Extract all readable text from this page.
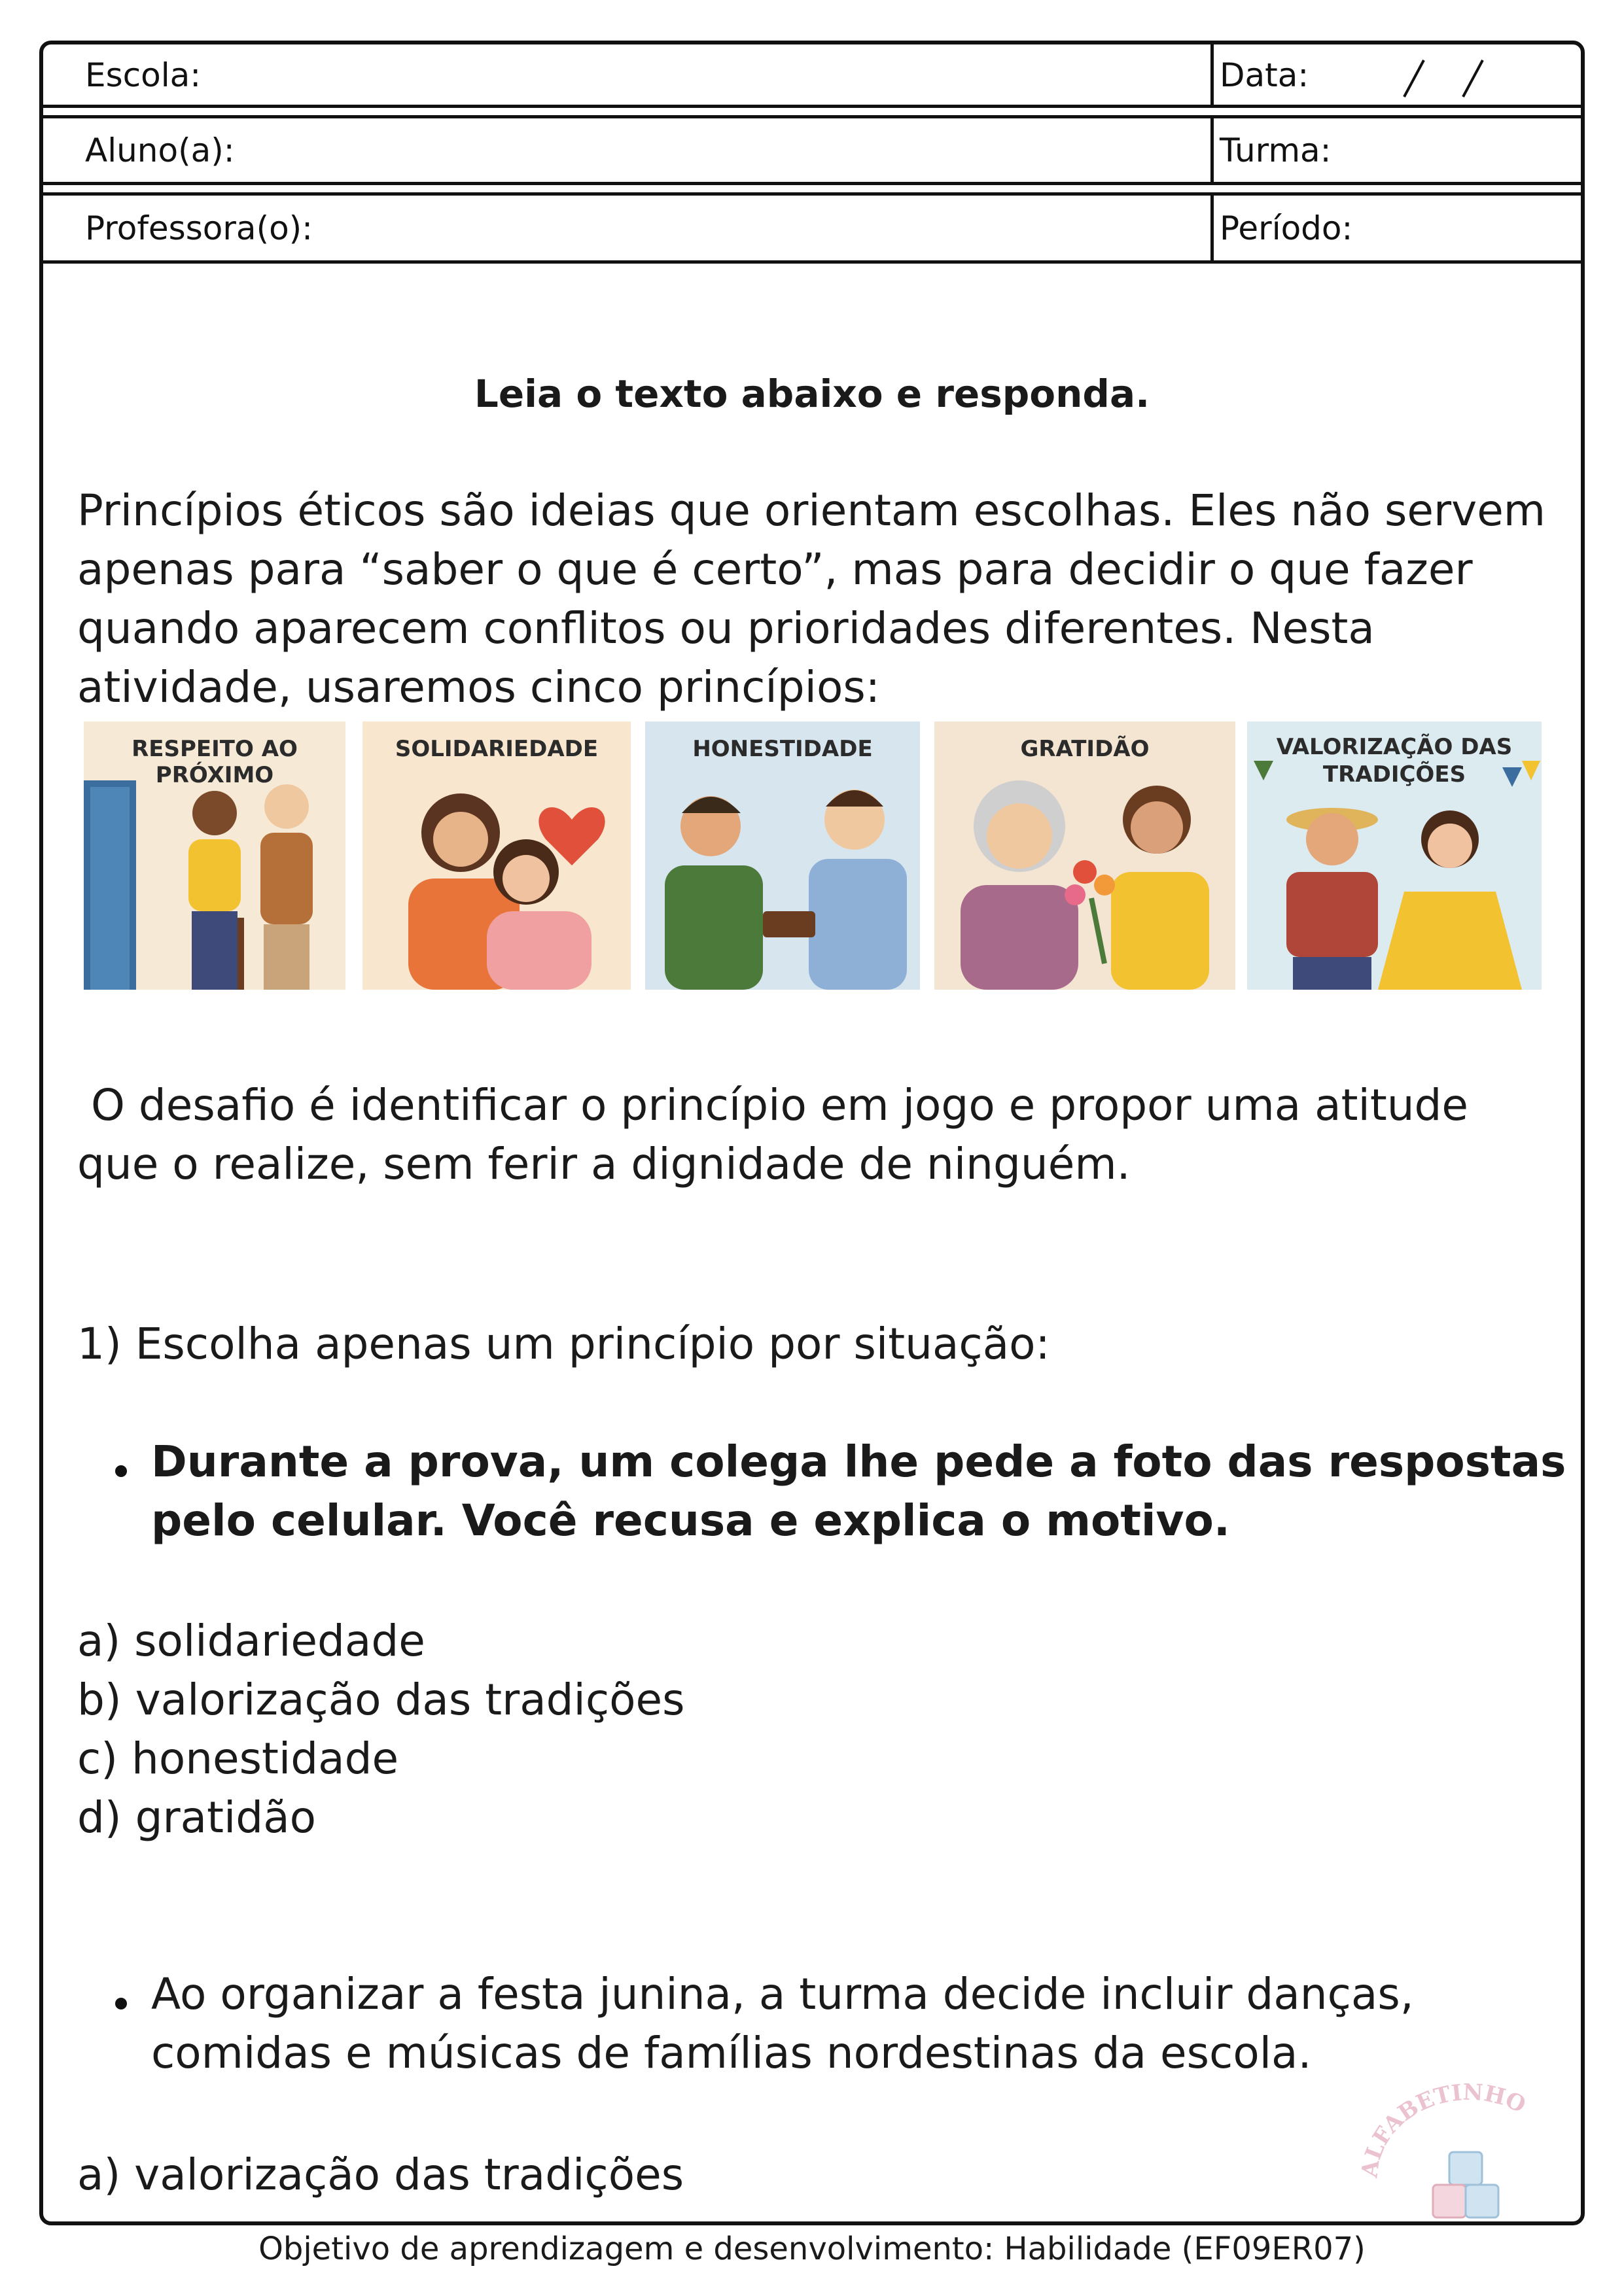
Escola:	Data:
Aluno(a):	Turma:
Professora(o):	Período:
Leia o texto abaixo e responda.
Princípios éticos são ideias que orientam escolhas. Eles não servem apenas para “saber o que é certo”, mas para decidir o que fazer quando aparecem conflitos ou prioridades diferentes. Nesta atividade, usaremos cinco princípios:
RESPEITO AO PRÓXIMO
SOLIDARIEDADE	HONESTIDADE	GRATIDÃO	VALORIZAÇÃO DAS TRADIÇÕES
O desafio é identificar o princípio em jogo e propor uma atitude que o realize, sem ferir a dignidade de ninguém.
1) Escolha apenas um princípio por situação:
Durante a prova, um colega lhe pede a foto das respostas pelo celular. Você recusa e explica o motivo.
a) solidariedade
b) valorização das tradições
c) honestidade
d) gratidão
Ao organizar a festa junina, a turma decide incluir danças, comidas e músicas de famílias nordestinas da escola.
a) valorização das tradições	ALFABETINHO
Objetivo de aprendizagem e desenvolvimento: Habilidade (EF09ER07)
